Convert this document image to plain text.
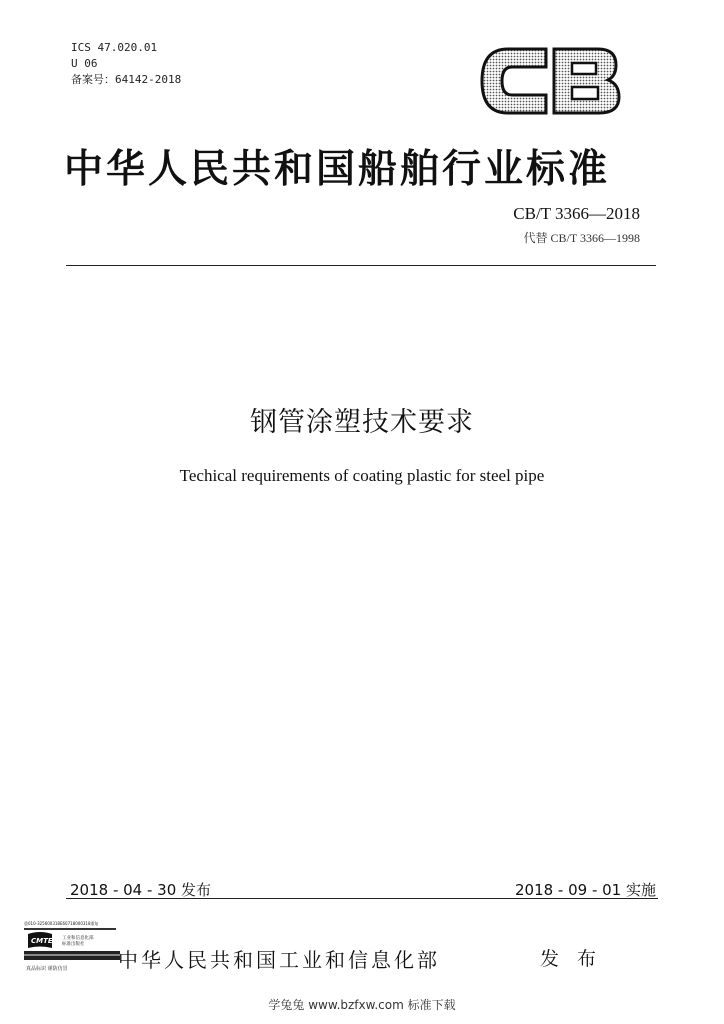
ICS 47.020.01
U 06
备案号：64142-2018
中华人民共和国船舶行业标准
CB/T 3366—2018
代替 CB/T 3366—1998
钢管涂塑技术要求
Techical requirements of coating plastic for steel pipe
2018 - 04 - 30 发布	2018 - 09 - 01 实施
重010-325600318E60718000318重复
CMTEC 工业和信息化部
标准出版社
真品标识 谨防仿冒	中华人民共和国工业和信息化部	发 布
学兔兔 www.bzfxw.com 标准下载
